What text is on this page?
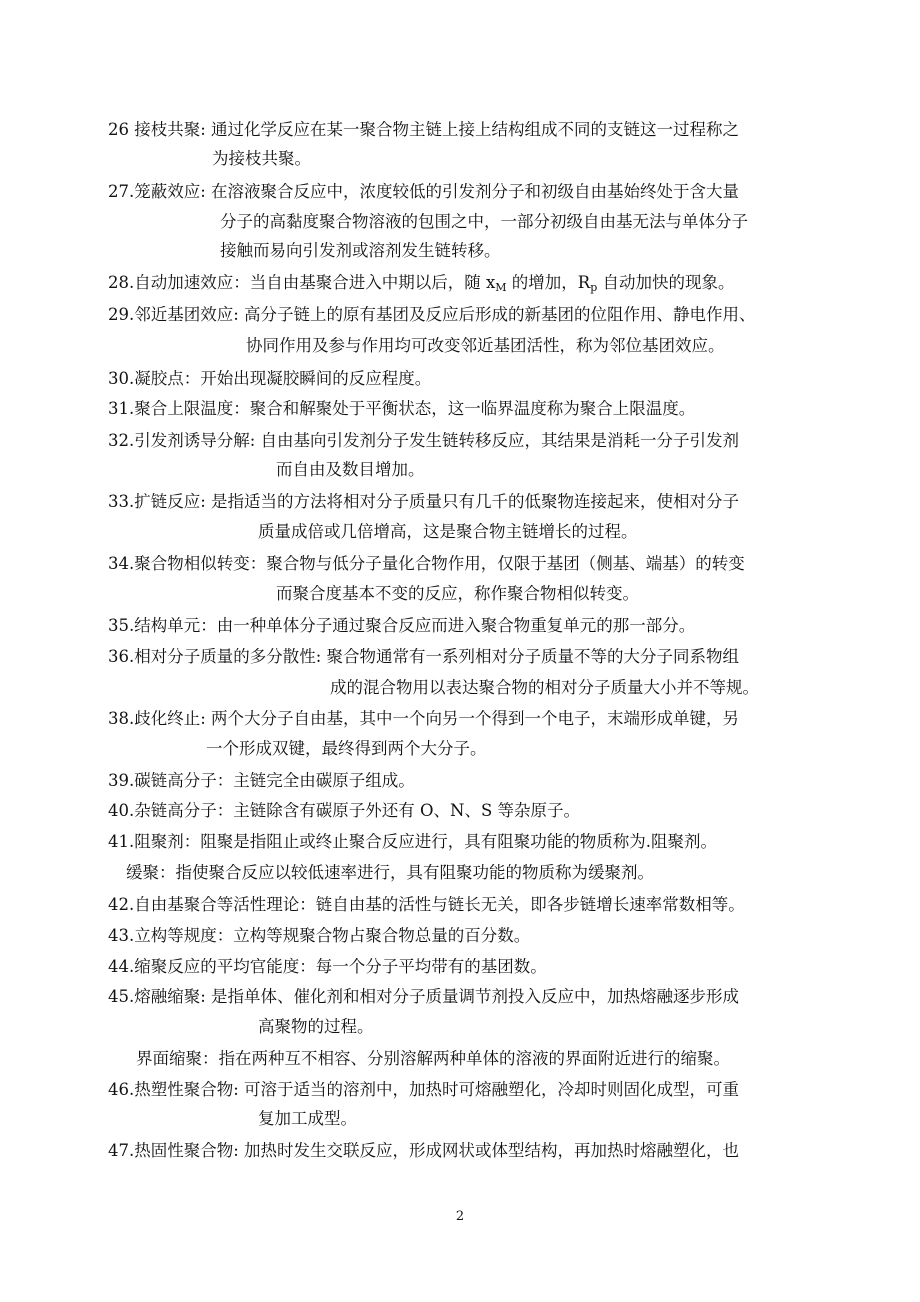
26 接枝共聚: 通过化学反应在某一聚合物主链上接上结构组成不同的支链这一过程称之
为接枝共聚。
27.笼蔽效应: 在溶液聚合反应中，浓度较低的引发剂分子和初级自由基始终处于含大量
分子的高黏度聚合物溶液的包围之中，一部分初级自由基无法与单体分子
接触而易向引发剂或溶剂发生链转移。
28.自动加速效应：当自由基聚合进入中期以后，随 $x_M$ 的增加，$R_p$ 自动加快的现象。
29.邻近基团效应: 高分子链上的原有基团及反应后形成的新基团的位阻作用、静电作用、
协同作用及参与作用均可改变邻近基团活性，称为邻位基团效应。
30.凝胶点：开始出现凝胶瞬间的反应程度。
31.聚合上限温度：聚合和解聚处于平衡状态，这一临界温度称为聚合上限温度。
32.引发剂诱导分解: 自由基向引发剂分子发生链转移反应，其结果是消耗一分子引发剂
而自由及数目增加。
33.扩链反应: 是指适当的方法将相对分子质量只有几千的低聚物连接起来，使相对分子
质量成倍或几倍增高，这是聚合物主链增长的过程。
34.聚合物相似转变：聚合物与低分子量化合物作用，仅限于基团（侧基、端基）的转变
而聚合度基本不变的反应，称作聚合物相似转变。
35.结构单元：由一种单体分子通过聚合反应而进入聚合物重复单元的那一部分。
36.相对分子质量的多分散性: 聚合物通常有一系列相对分子质量不等的大分子同系物组
成的混合物用以表达聚合物的相对分子质量大小并不等规。
38.歧化终止: 两个大分子自由基，其中一个向另一个得到一个电子，末端形成单键，另
一个形成双键，最终得到两个大分子。
39.碳链高分子：主链完全由碳原子组成。
40.杂链高分子：主链除含有碳原子外还有 O、N、S 等杂原子。
41.阻聚剂：阻聚是指阻止或终止聚合反应进行，具有阻聚功能的物质称为.阻聚剂。
缓聚：指使聚合反应以较低速率进行，具有阻聚功能的物质称为缓聚剂。
42.自由基聚合等活性理论：链自由基的活性与链长无关，即各步链增长速率常数相等。
43.立构等规度：立构等规聚合物占聚合物总量的百分数。
44.缩聚反应的平均官能度：每一个分子平均带有的基团数。
45.熔融缩聚: 是指单体、催化剂和相对分子质量调节剂投入反应中，加热熔融逐步形成
高聚物的过程。
界面缩聚：指在两种互不相容、分别溶解两种单体的溶液的界面附近进行的缩聚。
46.热塑性聚合物: 可溶于适当的溶剂中，加热时可熔融塑化，冷却时则固化成型，可重
复加工成型。
47.热固性聚合物: 加热时发生交联反应，形成网状或体型结构，再加热时熔融塑化，也
2
